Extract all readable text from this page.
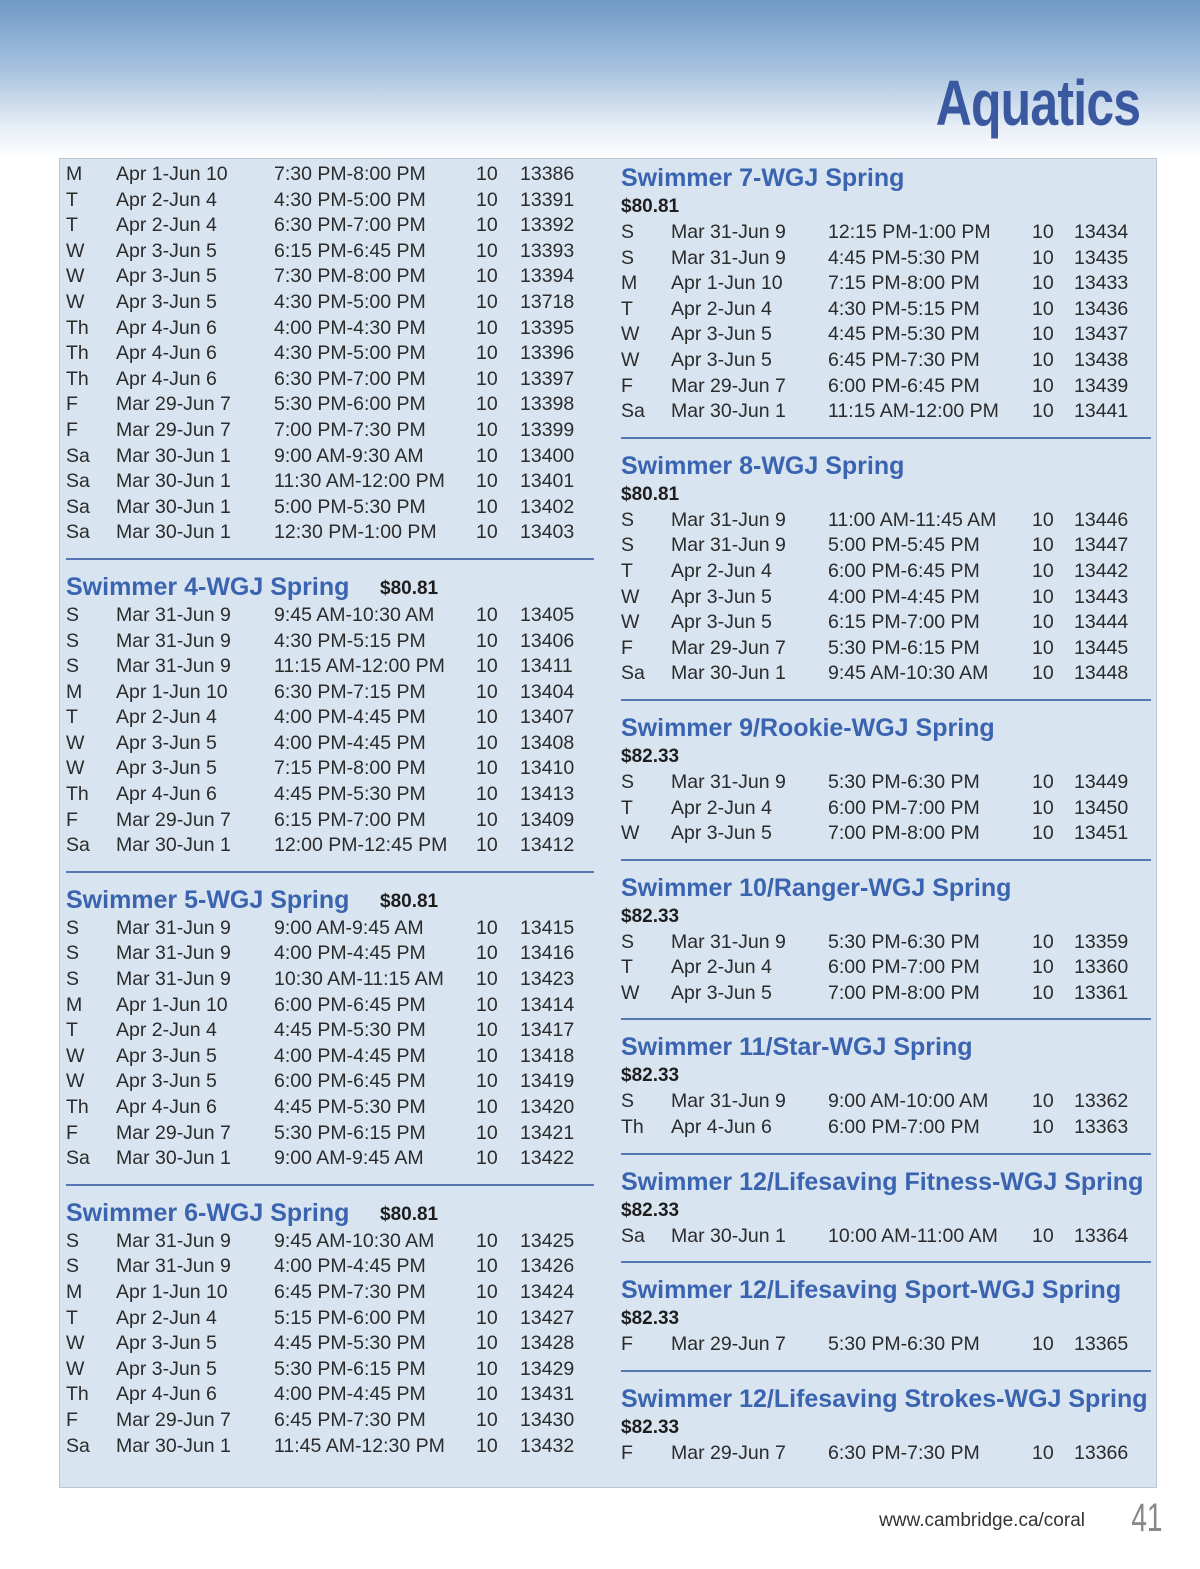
Aquatics
M Apr 1-Jun 10 7:30 PM-8:00 PM	10 13386
T Apr 2-Jun 4	4:30 PM-5:00 PM	10 13391
T Apr 2-Jun 4	6:30 PM-7:00 PM	10 13392
W Apr 3-Jun 5	6:15 PM-6:45 PM	10 13393
W Apr 3-Jun 5	7:30 PM-8:00 PM	10 13394
W Apr 3-Jun 5	4:30 PM-5:00 PM	10 13718
Th Apr 4-Jun 6	4:00 PM-4:30 PM	10 13395
Th Apr 4-Jun 6	4:30 PM-5:00 PM	10 13396
Th Apr 4-Jun 6	6:30 PM-7:00 PM	10 13397
F Mar 29-Jun 7 5:30 PM-6:00 PM	10 13398
F Mar 29-Jun 7 7:00 PM-7:30 PM	10 13399
Sa Mar 30-Jun 1 9:00 AM-9:30 AM	10 13400
Sa Mar 30-Jun 1 11:30 AM-12:00 PM 10 13401
Sa Mar 30-Jun 1 5:00 PM-5:30 PM	10 13402
Sa Mar 30-Jun 1 12:30 PM-1:00 PM 10 13403
Swimmer 4-WGJ Spring $80.81
S Mar 31-Jun 9 9:45 AM-10:30 AM 10 13405
S Mar 31-Jun 9 4:30 PM-5:15 PM	10 13406
S Mar 31-Jun 9 11:15 AM-12:00 PM 10 13411
M Apr 1-Jun 10 6:30 PM-7:15 PM	10 13404
T Apr 2-Jun 4	4:00 PM-4:45 PM	10 13407
W Apr 3-Jun 5	4:00 PM-4:45 PM	10 13408
W Apr 3-Jun 5	7:15 PM-8:00 PM	10 13410
Th Apr 4-Jun 6	4:45 PM-5:30 PM	10 13413
F Mar 29-Jun 7 6:15 PM-7:00 PM	10 13409
Sa Mar 30-Jun 1 12:00 PM-12:45 PM 10 13412
Swimmer 5-WGJ Spring $80.81
S Mar 31-Jun 9 9:00 AM-9:45 AM	10 13415
S Mar 31-Jun 9 4:00 PM-4:45 PM	10 13416
S Mar 31-Jun 9 10:30 AM-11:15 AM 10 13423
M Apr 1-Jun 10 6:00 PM-6:45 PM	10 13414
T Apr 2-Jun 4	4:45 PM-5:30 PM	10 13417
W Apr 3-Jun 5	4:00 PM-4:45 PM	10 13418
W Apr 3-Jun 5	6:00 PM-6:45 PM	10 13419
Th Apr 4-Jun 6	4:45 PM-5:30 PM	10 13420
F Mar 29-Jun 7 5:30 PM-6:15 PM	10 13421
Sa Mar 30-Jun 1 9:00 AM-9:45 AM	10 13422
Swimmer 6-WGJ Spring $80.81
S Mar 31-Jun 9 9:45 AM-10:30 AM 10 13425
S Mar 31-Jun 9 4:00 PM-4:45 PM	10 13426
M Apr 1-Jun 10 6:45 PM-7:30 PM	10 13424
T Apr 2-Jun 4	5:15 PM-6:00 PM	10 13427
W Apr 3-Jun 5	4:45 PM-5:30 PM	10 13428
W Apr 3-Jun 5	5:30 PM-6:15 PM	10 13429
Th Apr 4-Jun 6	4:00 PM-4:45 PM	10 13431
F Mar 29-Jun 7 6:45 PM-7:30 PM	10 13430
Sa Mar 30-Jun 1 11:45 AM-12:30 PM 10 13432
Swimmer 7-WGJ Spring
$80.81
S Mar 31-Jun 9 12:15 PM-1:00 PM 10 13434
S Mar 31-Jun 9 4:45 PM-5:30 PM	10 13435
M Apr 1-Jun 10 7:15 PM-8:00 PM	10 13433
T Apr 2-Jun 4	4:30 PM-5:15 PM	10 13436
W Apr 3-Jun 5	4:45 PM-5:30 PM	10 13437
W Apr 3-Jun 5	6:45 PM-7:30 PM	10 13438
F Mar 29-Jun 7 6:00 PM-6:45 PM	10 13439
Sa Mar 30-Jun 1 11:15 AM-12:00 PM 10 13441
Swimmer 8-WGJ Spring
$80.81
S Mar 31-Jun 9 11:00 AM-11:45 AM 10 13446
S Mar 31-Jun 9 5:00 PM-5:45 PM	10 13447
T Apr 2-Jun 4	6:00 PM-6:45 PM	10 13442
W Apr 3-Jun 5	4:00 PM-4:45 PM	10 13443
W Apr 3-Jun 5	6:15 PM-7:00 PM	10 13444
F Mar 29-Jun 7 5:30 PM-6:15 PM	10 13445
Sa Mar 30-Jun 1 9:45 AM-10:30 AM 10 13448
Swimmer 9/Rookie-WGJ Spring
$82.33
S Mar 31-Jun 9 5:30 PM-6:30 PM	10 13449
T Apr 2-Jun 4	6:00 PM-7:00 PM	10 13450
W Apr 3-Jun 5	7:00 PM-8:00 PM	10 13451
Swimmer 10/Ranger-WGJ Spring
$82.33
S Mar 31-Jun 9 5:30 PM-6:30 PM	10 13359
T Apr 2-Jun 4	6:00 PM-7:00 PM	10 13360
W Apr 3-Jun 5	7:00 PM-8:00 PM	10 13361
Swimmer 11/Star-WGJ Spring
$82.33
S Mar 31-Jun 9 9:00 AM-10:00 AM 10 13362
Th Apr 4-Jun 6	6:00 PM-7:00 PM	10 13363
Swimmer 12/Lifesaving Fitness-WGJ Spring
$82.33
Sa Mar 30-Jun 1 10:00 AM-11:00 AM 10 13364
Swimmer 12/Lifesaving Sport-WGJ Spring
$82.33
F Mar 29-Jun 7 5:30 PM-6:30 PM	10 13365
Swimmer 12/Lifesaving Strokes-WGJ Spring
$82.33
F Mar 29-Jun 7 6:30 PM-7:30 PM	10 13366
www.cambridge.ca/coral 41
